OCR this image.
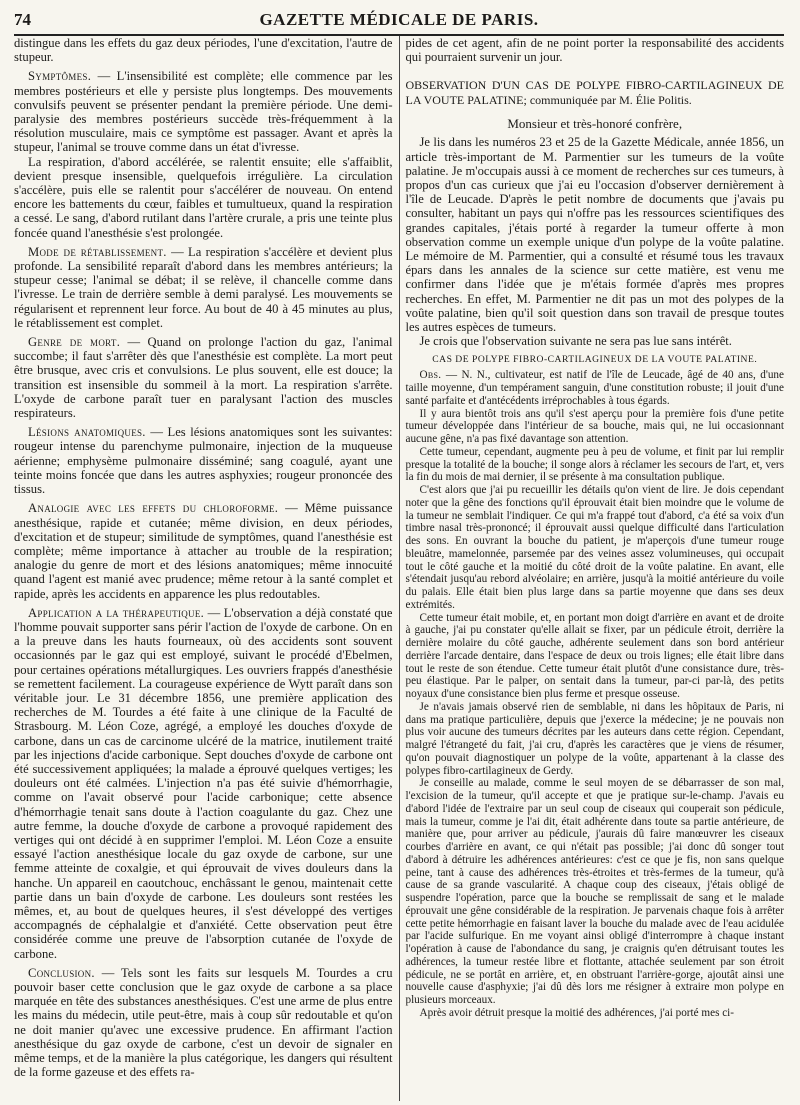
74	GAZETTE MÉDICALE DE PARIS.

distingue dans les effets du gaz deux périodes, l'une d'excitation, l'autre de stupeur.

Symptômes. — L'insensibilité est complète; elle commence par les membres postérieurs et elle y persiste plus longtemps. Des mouvements convulsifs peuvent se présenter pendant la première période. Une demi-paralysie des membres postérieurs succède très-fréquemment à la résolution musculaire, mais ce symptôme est passager. Avant et après la stupeur, l'animal se trouve comme dans un état d'ivresse.

La respiration, d'abord accélérée, se ralentit ensuite; elle s'affaiblit, devient presque insensible, quelquefois irrégulière. La circulation s'accélère, puis elle se ralentit pour s'accélérer de nouveau. On entend encore les battements du cœur, faibles et tumultueux, quand la respiration a cessé. Le sang, d'abord rutilant dans l'artère crurale, a pris une teinte plus foncée quand l'anesthésie s'est prolongée.

Mode de rétablissement. — La respiration s'accélère et devient plus profonde. La sensibilité reparaît d'abord dans les membres antérieurs; la stupeur cesse; l'animal se débat; il se relève, il chancelle comme dans l'ivresse. Le train de derrière semble à demi paralysé. Les mouvements se régularisent et reprennent leur force. Au bout de 40 à 45 minutes au plus, le rétablissement est complet.

Genre de mort. — Quand on prolonge l'action du gaz, l'animal succombe; il faut s'arrêter dès que l'anesthésie est complète. La mort peut être brusque, avec cris et convulsions. Le plus souvent, elle est douce; la transition est insensible du sommeil à la mort. La respiration s'arrête. L'oxyde de carbone paraît tuer en paralysant l'action des muscles respirateurs.

Lésions anatomiques. — Les lésions anatomiques sont les suivantes: rougeur intense du parenchyme pulmonaire, injection de la muqueuse aérienne; emphysème pulmonaire disséminé; sang coagulé, ayant une teinte moins foncée que dans les autres asphyxies; rougeur prononcée des tissus.

Analogie avec les effets du chloroforme. — Même puissance anesthésique, rapide et cutanée; même division, en deux périodes, d'excitation et de stupeur; similitude de symptômes, quand l'anesthésie est complète; même importance à attacher au trouble de la respiration; analogie du genre de mort et des lésions anatomiques; même innocuité quand l'agent est manié avec prudence; même retour à la santé complet et rapide, après les accidents en apparence les plus redoutables.

Application a la thérapeutique. — L'observation a déjà constaté que l'homme pouvait supporter sans périr l'action de l'oxyde de carbone. On en a la preuve dans les hauts fourneaux, où des accidents sont souvent occasionnés par le gaz qui est employé, suivant le procédé d'Ebelmen, pour certaines opérations métallurgiques. Les ouvriers frappés d'anesthésie se remettent facilement. La courageuse expérience de Wytt paraît dans son véritable jour. Le 31 décembre 1856, une première application des recherches de M. Tourdes a été faite à une clinique de la Faculté de Strasbourg. M. Léon Coze, agrégé, a employé les douches d'oxyde de carbone, dans un cas de carcinome ulcéré de la matrice, inutilement traité par les injections d'acide carbonique. Sept douches d'oxyde de carbone ont été successivement appliquées; la malade a éprouvé quelques vertiges; les douleurs ont été calmées. L'injection n'a pas été suivie d'hémorrhagie, comme on l'avait observé pour l'acide carbonique; cette absence d'hémorrhagie tenait sans doute à l'action coagulante du gaz. Chez une autre femme, la douche d'oxyde de carbone a provoqué rapidement des vertiges qui ont décidé à en supprimer l'emploi. M. Léon Coze a ensuite essayé l'action anesthésique locale du gaz oxyde de carbone, sur une femme atteinte de coxalgie, et qui éprouvait de vives douleurs dans la hanche. Un appareil en caoutchouc, enchâssant le genou, maintenait cette partie dans un bain d'oxyde de carbone. Les douleurs sont restées les mêmes, et, au bout de quelques heures, il s'est développé des vertiges accompagnés de céphalalgie et d'anxiété. Cette observation peut être considérée comme une preuve de l'absorption cutanée de l'oxyde de carbone.

Conclusion. — Tels sont les faits sur lesquels M. Tourdes a cru pouvoir baser cette conclusion que le gaz oxyde de carbone a sa place marquée en tête des substances anesthésiques. C'est une arme de plus entre les mains du médecin, utile peut-être, mais à coup sûr redoutable et qu'on ne doit manier qu'avec une excessive prudence. En affirmant l'action anesthésique du gaz oxyde de carbone, c'est un devoir de signaler en même temps, et de la manière la plus catégorique, les dangers qui résultent de la forme gazeuse et des effets ra-

pides de cet agent, afin de ne point porter la responsabilité des accidents qui pourraient survenir un jour.

OBSERVATION D'UN CAS DE POLYPE FIBRO-CARTILAGINEUX DE LA VOUTE PALATINE; communiquée par M. Élie Politis.

Monsieur et très-honoré confrère,

Je lis dans les numéros 23 et 25 de la Gazette Médicale, année 1856, un article très-important de M. Parmentier sur les tumeurs de la voûte palatine. Je m'occupais aussi à ce moment de recherches sur ces tumeurs, à propos d'un cas curieux que j'ai eu l'occasion d'observer dernièrement à l'île de Leucade. D'après le petit nombre de documents que j'avais pu consulter, habitant un pays qui n'offre pas les ressources scientifiques des grandes capitales, j'étais porté à regarder la tumeur offerte à mon observation comme un exemple unique d'un polype de la voûte palatine. Le mémoire de M. Parmentier, qui a consulté et résumé tous les travaux épars dans les annales de la science sur cette matière, est venu me confirmer dans l'idée que je m'étais formée d'après mes propres recherches. En effet, M. Parmentier ne dit pas un mot des polypes de la voûte palatine, bien qu'il soit question dans son travail de presque toutes les autres espèces de tumeurs.

Je crois que l'observation suivante ne sera pas lue sans intérêt.

CAS DE POLYPE FIBRO-CARTILAGINEUX DE LA VOUTE PALATINE.

Obs. — N. N., cultivateur, est natif de l'île de Leucade, âgé de 40 ans, d'une taille moyenne, d'un tempérament sanguin, d'une constitution robuste; il jouit d'une santé parfaite et d'antécédents irréprochables à tous égards.

Il y aura bientôt trois ans qu'il s'est aperçu pour la première fois d'une petite tumeur développée dans l'intérieur de sa bouche, mais qui, ne lui occasionnant aucune gêne, n'a pas fixé davantage son attention.

Cette tumeur, cependant, augmente peu à peu de volume, et finit par lui remplir presque la totalité de la bouche; il songe alors à réclamer les secours de l'art, et, vers la fin du mois de mai dernier, il se présente à ma consultation publique.

C'est alors que j'ai pu recueillir les détails qu'on vient de lire. Je dois cependant noter que la gêne des fonctions qu'il éprouvait était bien moindre que le volume de la tumeur ne semblait l'indiquer. Ce qui m'a frappé tout d'abord, c'a été sa voix d'un timbre nasal très-prononcé; il éprouvait aussi quelque difficulté dans l'articulation des sons. En ouvrant la bouche du patient, je m'aperçois d'une tumeur rouge bleuâtre, mamelonnée, parsemée par des veines assez volumineuses, qui occupait tout le côté gauche et la moitié du côté droit de la voûte palatine. En avant, elle s'étendait jusqu'au rebord alvéolaire; en arrière, jusqu'à la moitié antérieure du voile du palais. Elle était bien plus large dans sa partie moyenne que dans ses deux extrémités.

Cette tumeur était mobile, et, en portant mon doigt d'arrière en avant et de droite à gauche, j'ai pu constater qu'elle allait se fixer, par un pédicule étroit, derrière la dernière molaire du côté gauche, adhérente seulement dans son bord antérieur derrière l'arcade dentaire, dans l'espace de deux ou trois lignes; elle était libre dans tout le reste de son étendue. Cette tumeur était plutôt d'une consistance dure, très-peu élastique. Par le palper, on sentait dans la tumeur, par-ci par-là, des petits noyaux d'une consistance bien plus ferme et presque osseuse.

Je n'avais jamais observé rien de semblable, ni dans les hôpitaux de Paris, ni dans ma pratique particulière, depuis que j'exerce la médecine; je ne pouvais non plus voir aucune des tumeurs décrites par les auteurs dans cette région. Cependant, malgré l'étrangeté du fait, j'ai cru, d'après les caractères que je viens de résumer, qu'on pouvait diagnostiquer un polype de la voûte, appartenant à la classe des polypes fibro-cartilagineux de Gerdy.

Je conseille au malade, comme le seul moyen de se débarrasser de son mal, l'excision de la tumeur, qu'il accepte et que je pratique sur-le-champ. J'avais eu d'abord l'idée de l'extraire par un seul coup de ciseaux qui couperait son pédicule, mais la tumeur, comme je l'ai dit, était adhérente dans toute sa partie antérieure, de manière que, pour arriver au pédicule, j'aurais dû faire manœuvrer les ciseaux courbes d'arrière en avant, ce qui n'était pas possible; j'ai donc dû songer tout d'abord à détruire les adhérences antérieures: c'est ce que je fis, non sans quelque peine, tant à cause des adhérences très-étroites et très-fermes de la tumeur, qu'à cause de sa grande vascularité. A chaque coup des ciseaux, j'étais obligé de suspendre l'opération, parce que la bouche se remplissait de sang et le malade éprouvait une gêne considérable de la respiration. Je parvenais chaque fois à arrêter cette petite hémorrhagie en faisant laver la bouche du malade avec de l'eau acidulée par l'acide sulfurique. En me voyant ainsi obligé d'interrompre à chaque instant l'opération à cause de l'abondance du sang, je craignis qu'en détruisant toutes les adhérences, la tumeur restée libre et flottante, attachée seulement par son étroit pédicule, ne se portât en arrière, et, en obstruant l'arrière-gorge, ajoutât ainsi une nouvelle cause d'asphyxie; j'ai dû dès lors me résigner à extraire mon polype en plusieurs morceaux.

Après avoir détruit presque la moitié des adhérences, j'ai porté mes ci-
